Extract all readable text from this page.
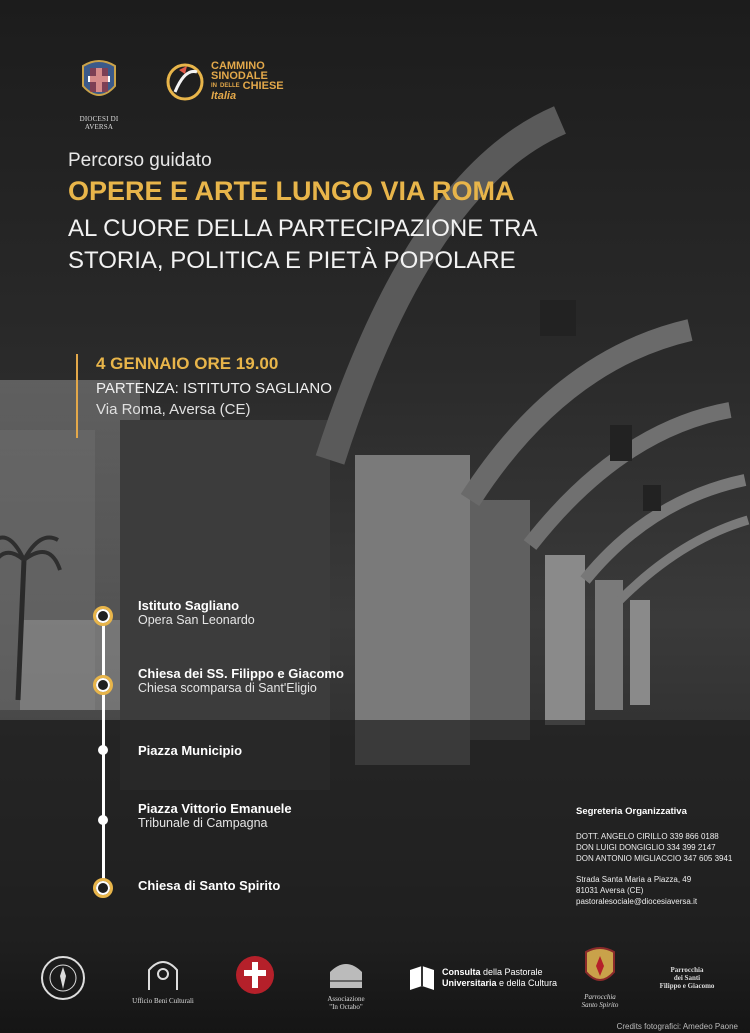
DIOCESI DI AVERSA
CAMMINO
SINODALE
IN DELLE CHIESE
Italia
Percorso guidato
OPERE E ARTE LUNGO VIA ROMA
AL CUORE DELLA PARTECIPAZIONE TRA
STORIA, POLITICA E PIETÀ POPOLARE
4 GENNAIO ORE 19.00
PARTENZA: ISTITUTO SAGLIANO
Via Roma, Aversa (CE)
Istituto Sagliano
Opera San Leonardo
Chiesa dei SS. Filippo e Giacomo
Chiesa scomparsa di Sant'Eligio
Piazza Municipio
Piazza Vittorio Emanuele
Tribunale di Campagna
Chiesa di Santo Spirito
Segreteria Organizzativa
DOTT. ANGELO CIRILLO 339 866 0188
DON LUIGI DONGIGLIO 334 399 2147
DON ANTONIO MIGLIACCIO 347 605 3941
Strada Santa Maria a Piazza, 49
81031 Aversa (CE)
pastoralesociale@diocesiaversa.it
Ufficio Beni Culturali	Associazione
"In Octabo"
Consulta della Pastorale
Universitaria e della Cultura
Parrocchia
Santo Spirito
Parrocchia
dei Santi
Filippo e Giacomo
Credits fotografici: Amedeo Paone
